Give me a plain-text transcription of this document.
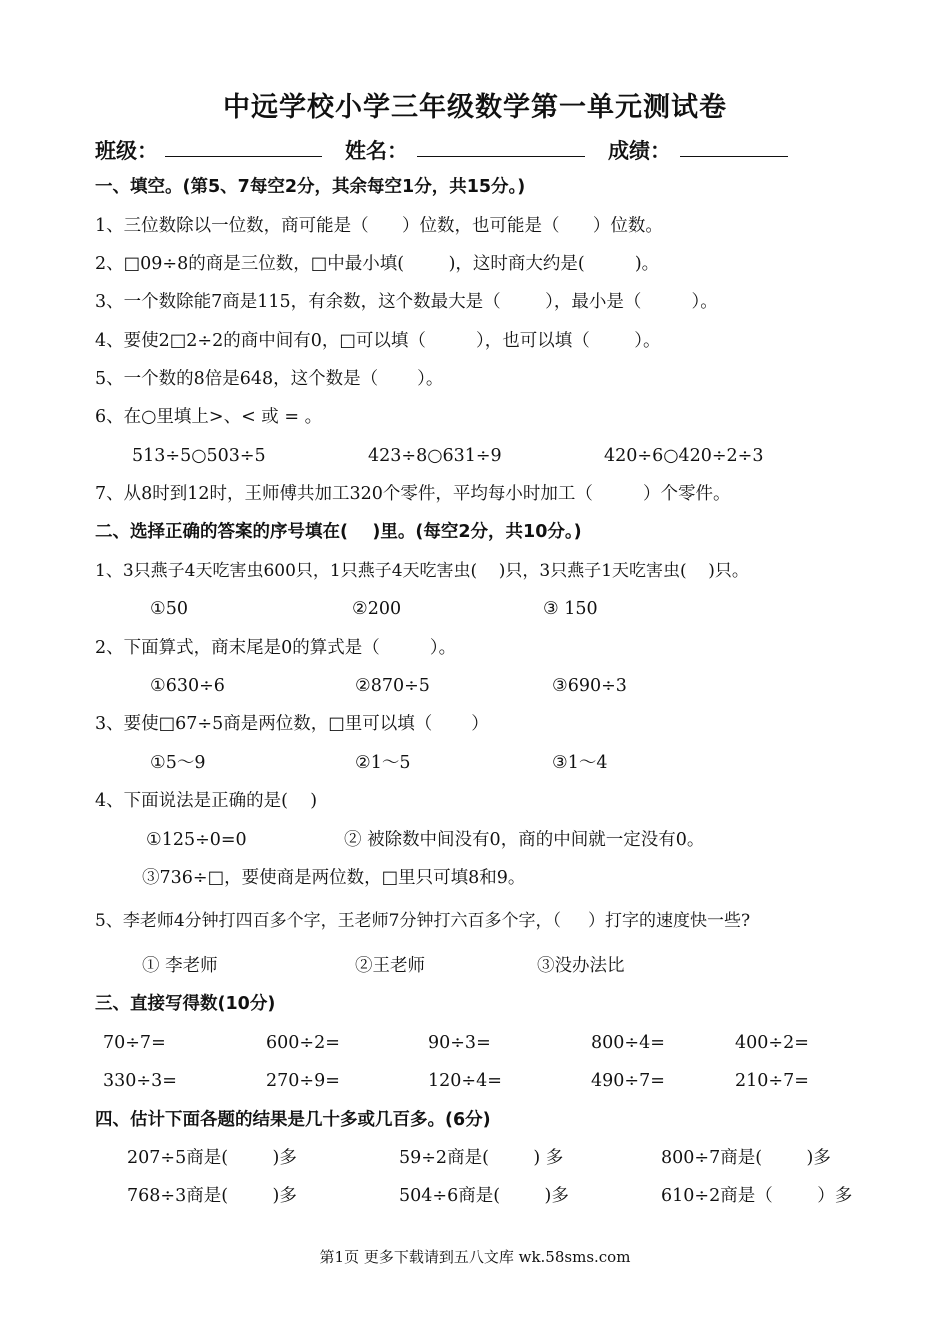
中远学校小学三年级数学第一单元测试卷
班级：	姓名：	成绩：
一、填空。(第5、7每空2分，其余每空1分，共15分。)
1、三位数除以一位数，商可能是（      ）位数，也可能是（      ）位数。
2、□09÷8的商是三位数，□中最小填(        )，这时商大约是(         )。
3、一个数除能7商是115，有余数，这个数最大是（        ），最小是（         ）。
4、要使2□2÷2的商中间有0，□可以填（         ），也可以填（        ）。
5、一个数的8倍是648，这个数是（       ）。
6、在○里填上>、< 或 = 。
513÷5○503÷5	423÷8○631÷9	420÷6○420÷2÷3
7、从8时到12时，王师傅共加工320个零件，平均每小时加工（         ）个零件。
二、选择正确的答案的序号填在(    )里。(每空2分，共10分。)
1、3只燕子4天吃害虫600只，1只燕子4天吃害虫(    )只，3只燕子1天吃害虫(    )只。
①50	②200	③ 150
2、下面算式，商末尾是0的算式是（         ）。
①630÷6	②870÷5	③690÷3
3、要使□67÷5商是两位数，□里可以填（       ）
①5～9	②1～5	③1～4
4、下面说法是正确的是(    )
①125÷0=0	② 被除数中间没有0，商的中间就一定没有0。
③736÷□，要使商是两位数，□里只可填8和9。
5、李老师4分钟打四百多个字，王老师7分钟打六百多个字，（     ）打字的速度快一些?
① 李老师	②王老师	③没办法比
三、直接写得数(10分)
70÷7=	600÷2=	90÷3=	800÷4=	400÷2=
330÷3=	270÷9=	120÷4=	490÷7=	210÷7=
四、估计下面各题的结果是几十多或几百多。(6分)
207÷5商是(        )多	59÷2商是(        ) 多	800÷7商是(        )多
768÷3商是(        )多	504÷6商是(        )多	610÷2商是（        ）多
第1页 更多下载请到五八文库 wk.58sms.com
